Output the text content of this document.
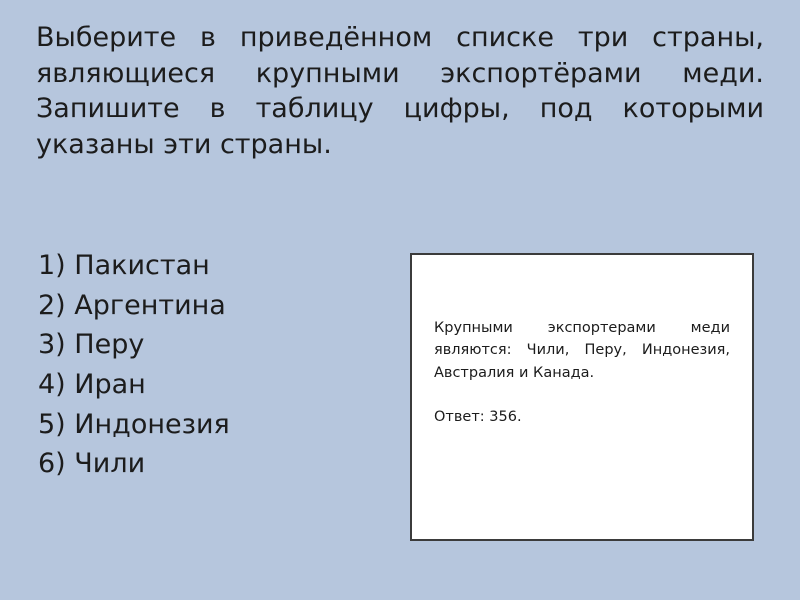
Выберите в приведённом списке три страны, являющиеся крупными экспортёрами меди. Запишите в таблицу цифры, под которыми указаны эти страны.
1) Пакистан
2) Аргентина
3) Перу
4) Иран
5) Индонезия
6) Чили
Крупными экспортерами меди являются: Чили, Перу, Индонезия, Австралия и Канада.
Ответ: 356.
